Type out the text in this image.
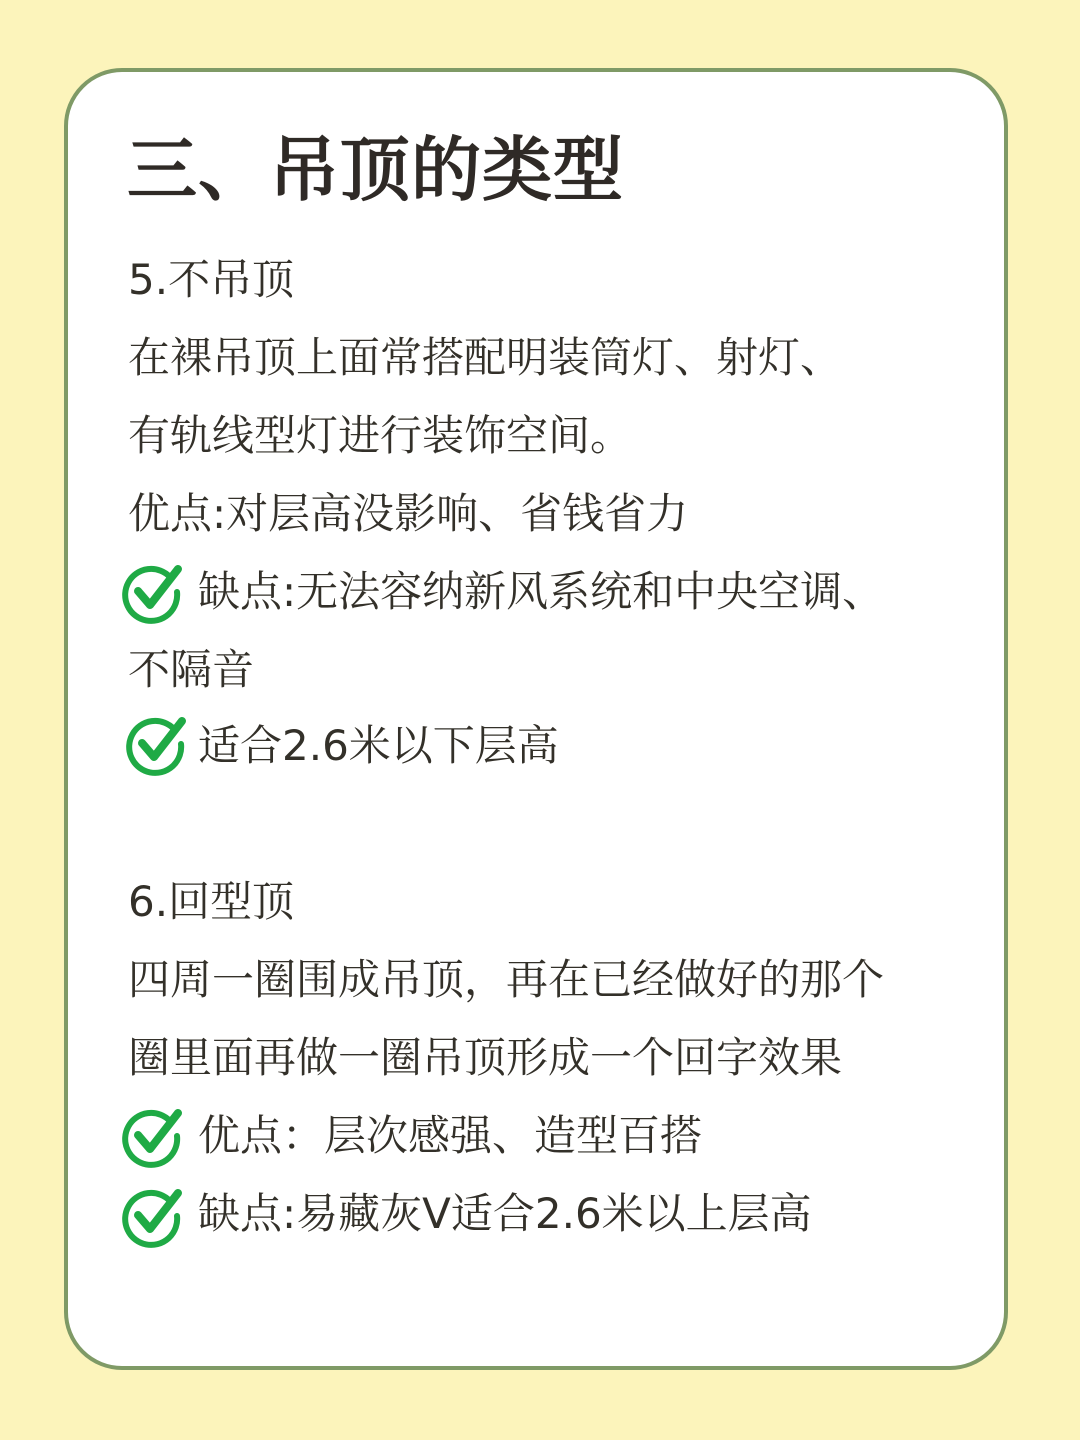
三、吊顶的类型
5.不吊顶
在裸吊顶上面常搭配明装筒灯、射灯、
有轨线型灯进行装饰空间。
优点:对层高没影响、省钱省力
缺点:无法容纳新风系统和中央空调、
不隔音
适合2.6米以下层高
6.回型顶
四周一圈围成吊顶，再在已经做好的那个
圈里面再做一圈吊顶形成一个回字效果
优点：层次感强、造型百搭
缺点:易藏灰V适合2.6米以上层高
